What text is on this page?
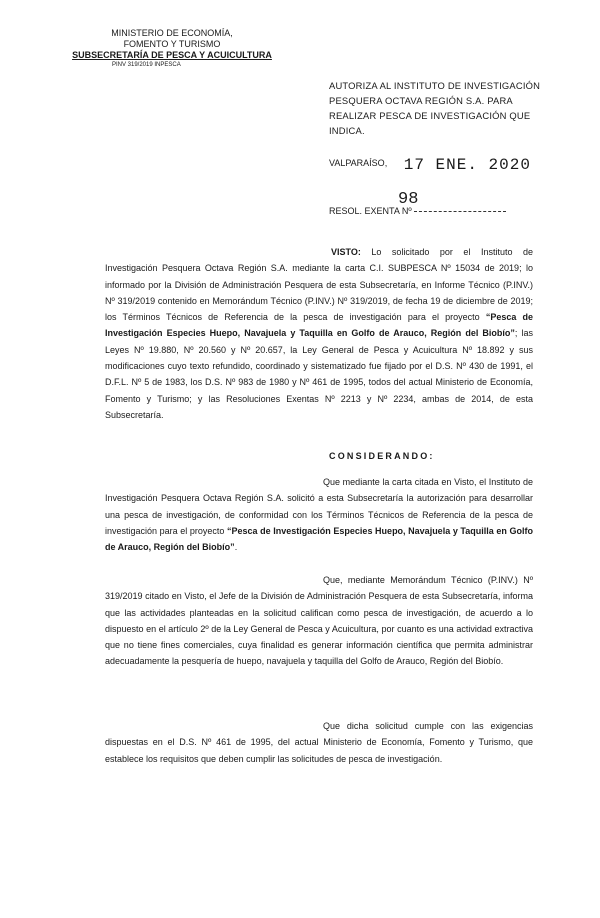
MINISTERIO DE ECONOMÍA,
FOMENTO Y TURISMO
SUBSECRETARÍA DE PESCA Y ACUICULTURA
PINV 319/2019 INPESCA
AUTORIZA AL INSTITUTO DE INVESTIGACIÓN PESQUERA OCTAVA REGIÓN S.A. PARA REALIZAR PESCA DE INVESTIGACIÓN QUE INDICA.
VALPARAÍSO, 17 ENE. 2020
98
RESOL. EXENTA Nº
VISTO: Lo solicitado por el Instituto de Investigación Pesquera Octava Región S.A. mediante la carta C.I. SUBPESCA Nº 15034 de 2019; lo informado por la División de Administración Pesquera de esta Subsecretaría, en Informe Técnico (P.INV.) Nº 319/2019 contenido en Memorándum Técnico (P.INV.) Nº 319/2019, de fecha 19 de diciembre de 2019; los Términos Técnicos de Referencia de la pesca de investigación para el proyecto “Pesca de Investigación Especies Huepo, Navajuela y Taquilla en Golfo de Arauco, Región del Biobío”; las Leyes Nº 19.880, Nº 20.560 y Nº 20.657, la Ley General de Pesca y Acuicultura Nº 18.892 y sus modificaciones cuyo texto refundido, coordinado y sistematizado fue fijado por el D.S. Nº 430 de 1991, el D.F.L. Nº 5 de 1983, los D.S. Nº 983 de 1980 y Nº 461 de 1995, todos del actual Ministerio de Economía, Fomento y Turismo; y las Resoluciones Exentas Nº 2213 y Nº 2234, ambas de 2014, de esta Subsecretaría.
CONSIDERANDO:
Que mediante la carta citada en Visto, el Instituto de Investigación Pesquera Octava Región S.A. solicitó a esta Subsecretaría la autorización para desarrollar una pesca de investigación, de conformidad con los Términos Técnicos de Referencia de la pesca de investigación para el proyecto “Pesca de Investigación Especies Huepo, Navajuela y Taquilla en Golfo de Arauco, Región del Biobío”.
Que, mediante Memorándum Técnico (P.INV.) Nº 319/2019 citado en Visto, el Jefe de la División de Administración Pesquera de esta Subsecretaría, informa que las actividades planteadas en la solicitud califican como pesca de investigación, de acuerdo a lo dispuesto en el artículo 2º de la Ley General de Pesca y Acuicultura, por cuanto es una actividad extractiva que no tiene fines comerciales, cuya finalidad es generar información científica que permita administrar adecuadamente la pesquería de huepo, navajuela y taquilla del Golfo de Arauco, Región del Biobío.
Que dicha solicitud cumple con las exigencias dispuestas en el D.S. Nº 461 de 1995, del actual Ministerio de Economía, Fomento y Turismo, que establece los requisitos que deben cumplir las solicitudes de pesca de investigación.
